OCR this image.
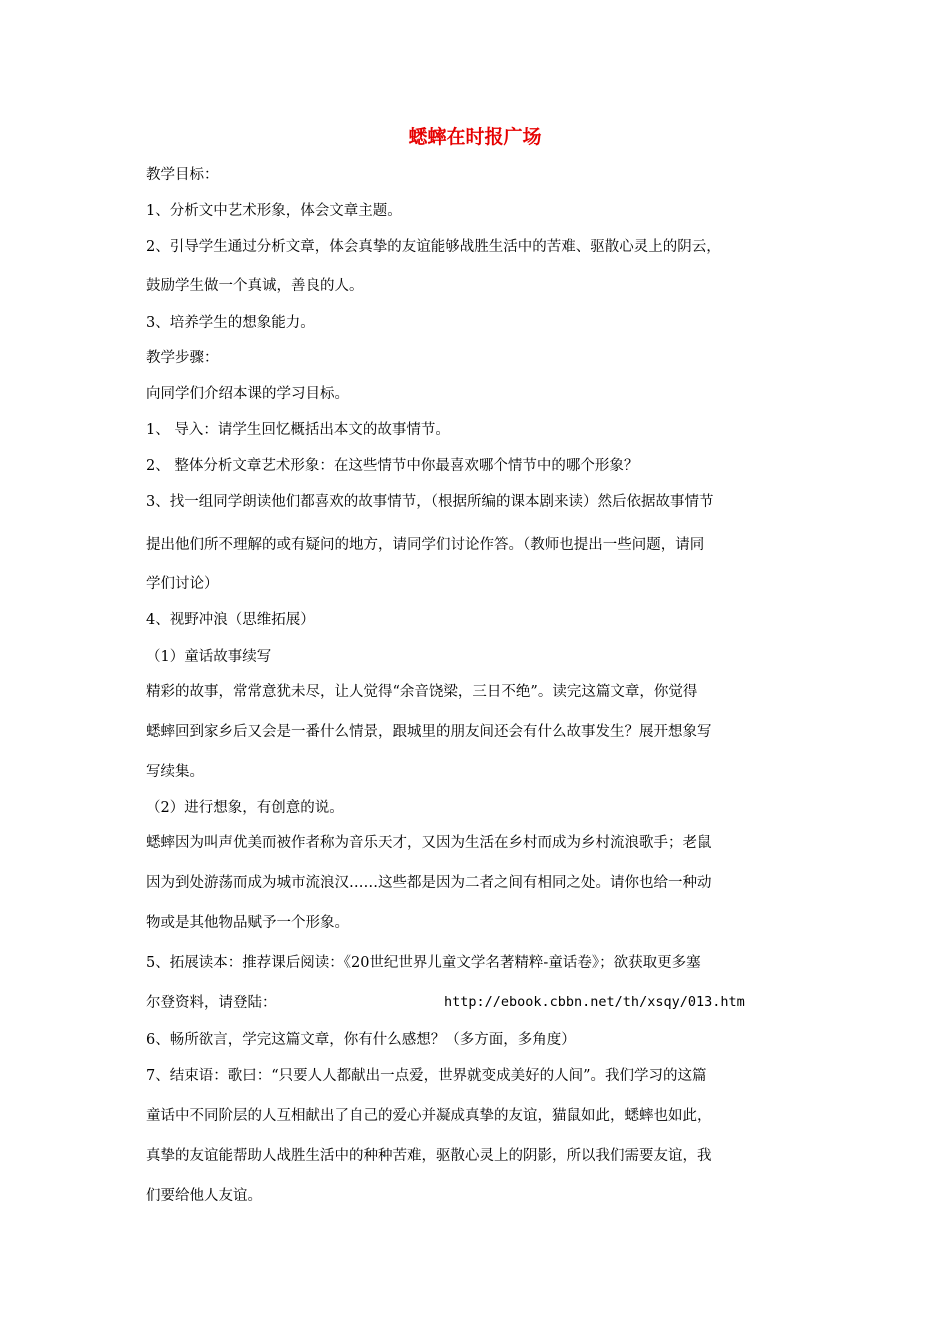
蟋蟀在时报广场
教学目标：
1、分析文中艺术形象，体会文章主题。
2、引导学生通过分析文章，体会真挚的友谊能够战胜生活中的苦难、驱散心灵上的阴云，
鼓励学生做一个真诚，善良的人。
3、培养学生的想象能力。
教学步骤：
向同学们介绍本课的学习目标。
1、 导入：请学生回忆概括出本文的故事情节。
2、 整体分析文章艺术形象：在这些情节中你最喜欢哪个情节中的哪个形象？
3、找一组同学朗读他们都喜欢的故事情节，（根据所编的课本剧来读）然后依据故事情节
提出他们所不理解的或有疑问的地方，请同学们讨论作答。（教师也提出一些问题，请同
学们讨论）
4、视野冲浪（思维拓展）
（1）童话故事续写
精彩的故事，常常意犹未尽，让人觉得“余音饶梁，三日不绝”。读完这篇文章，你觉得
蟋蟀回到家乡后又会是一番什么情景，跟城里的朋友间还会有什么故事发生？展开想象写
写续集。
（2）进行想象，有创意的说。
蟋蟀因为叫声优美而被作者称为音乐天才，又因为生活在乡村而成为乡村流浪歌手；老鼠
因为到处游荡而成为城市流浪汉……这些都是因为二者之间有相同之处。请你也给一种动
物或是其他物品赋予一个形象。
5、拓展读本：推荐课后阅读：《20世纪世界儿童文学名著精粹-童话卷》；欲获取更多塞
尔登资料，请登陆：	http://ebook.cbbn.net/th/xsqy/013.htm
6、畅所欲言，学完这篇文章，你有什么感想？（多方面，多角度）
7、结束语：歌曰：“只要人人都献出一点爱，世界就变成美好的人间”。我们学习的这篇
童话中不同阶层的人互相献出了自己的爱心并凝成真挚的友谊，猫鼠如此，蟋蟀也如此，
真挚的友谊能帮助人战胜生活中的种种苦难，驱散心灵上的阴影，所以我们需要友谊，我
们要给他人友谊。
